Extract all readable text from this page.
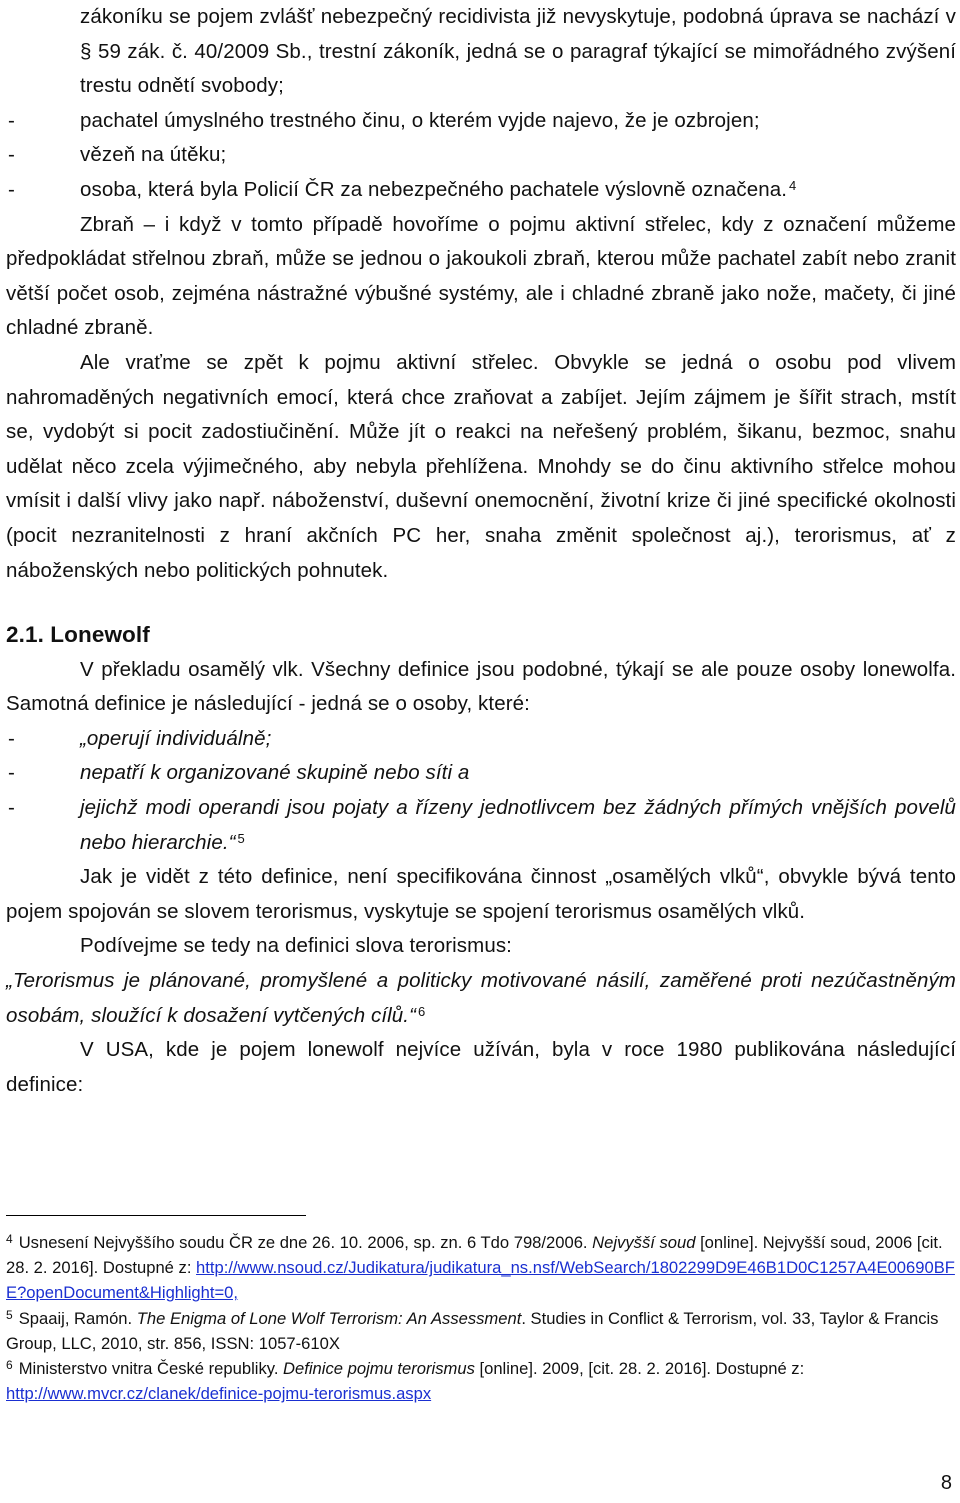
zákoníku se pojem zvlášť nebezpečný recidivista již nevyskytuje, podobná úprava se nachází v § 59 zák. č. 40/2009 Sb., trestní zákoník, jedná se o paragraf týkající se mimořádného zvýšení trestu odnětí svobody;

-	pachatel úmyslného trestného činu, o kterém vyjde najevo, že je ozbrojen;

-	vězeň na útěku;

-	osoba, která byla Policií ČR za nebezpečného pachatele výslovně označena. $^4$

Zbraň – i když v tomto případě hovoříme o pojmu aktivní střelec, kdy z označení můžeme předpokládat střelnou zbraň, může se jednou o jakoukoli zbraň, kterou může pachatel zabít nebo zranit větší počet osob, zejména nástražné výbušné systémy, ale i chladné zbraně jako nože, mačety, či jiné chladné zbraně.

Ale vraťme se zpět k pojmu aktivní střelec. Obvykle se jedná o osobu pod vlivem nahromaděných negativních emocí, která chce zraňovat a zabíjet. Jejím zájmem je šířit strach, mstít se, vydobýt si pocit zadostiučinění. Může jít o reakci na neřešený problém, šikanu, bezmoc, snahu udělat něco zcela výjimečného, aby nebyla přehlížena. Mnohdy se do činu aktivního střelce mohou vmísit i další vlivy jako např. náboženství, duševní onemocnění, životní krize či jiné specifické okolnosti (pocit nezranitelnosti z hraní akčních PC her, snaha změnit společnost aj.), terorismus, ať z náboženských nebo politických pohnutek.

2.1. Lonewolf

V překladu osamělý vlk. Všechny definice jsou podobné, týkají se ale pouze osoby lonewolfa. Samotná definice je následující - jedná se o osoby, které:

-	„operují individuálně;

-	nepatří k organizované skupině nebo síti a

-	jejichž modi operandi jsou pojaty a řízeny jednotlivcem bez žádných přímých vnějších povelů nebo hierarchie.“ $^5$

Jak je vidět z této definice, není specifikována činnost „osamělých vlků“, obvykle bývá tento pojem spojován se slovem terorismus, vyskytuje se spojení terorismus osamělých vlků.

Podívejme se tedy na definici slova terorismus:

„Terorismus je plánované, promyšlené a politicky motivované násilí, zaměřené proti nezúčastněným osobám, sloužící k dosažení vytčených cílů.“ $^6$

V USA, kde je pojem lonewolf nejvíce užíván, byla v roce 1980 publikována následující definice:

$^4$ Usnesení Nejvyššího soudu ČR ze dne 26. 10. 2006, sp. zn. 6 Tdo 798/2006. Nejvyšší soud [online]. Nejvyšší soud, 2006 [cit. 28. 2. 2016]. Dostupné z: http://www.nsoud.cz/Judikatura/judikatura_ns.nsf/WebSearch/1802299D9E46B1D0C1257A4E00690BFE?openDocument&Highlight=0,

$^5$ Spaaij, Ramón. The Enigma of Lone Wolf Terrorism: An Assessment. Studies in Conflict & Terrorism, vol. 33, Taylor & Francis Group, LLC, 2010, str. 856, ISSN: 1057-610X

$^6$ Ministerstvo vnitra České republiky. Definice pojmu terorismus [online]. 2009, [cit. 28. 2. 2016]. Dostupné z: http://www.mvcr.cz/clanek/definice-pojmu-terorismus.aspx

8
